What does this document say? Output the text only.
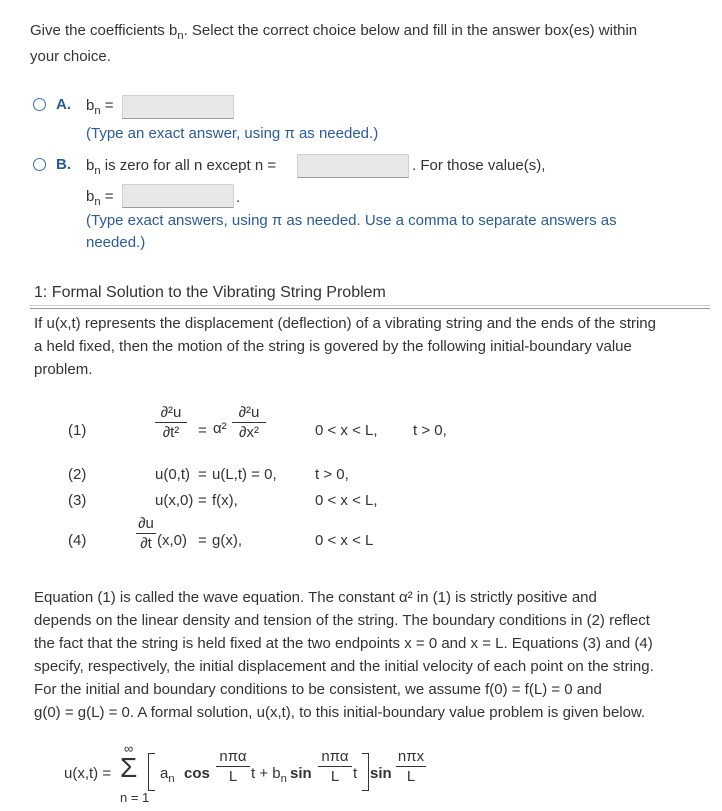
Give the coefficients $b_n$. Select the correct choice below and fill in the answer box(es) within
your choice.
A. $b_n$ =
(Type an exact answer, using π as needed.)
B. $b_n$ is zero for all n except n =	. For those value(s),
$b_n$ =	.
(Type exact answers, using π as needed. Use a comma to separate answers as
needed.)
1: Formal Solution to the Vibrating String Problem
If u(x,t) represents the displacement (deflection) of a vibrating string and the ends of the string
a held fixed, then the motion of the string is govered by the following initial-boundary value
problem.
(1)
∂²u
∂t²	= α²
∂²u
∂x²	0 < x < L, t > 0,
(2)	u(0,t) = u(L,t) = 0,	t > 0,
(3)	u(x,0) = f(x),	0 < x < L,
(4)
∂u
∂t (x,0) = g(x),	0 < x < L
Equation (1) is called the wave equation. The constant α² in (1) is strictly positive and
depends on the linear density and tension of the string. The boundary conditions in (2) reflect
the fact that the string is held fixed at the two endpoints x = 0 and x = L. Equations (3) and (4)
specify, respectively, the initial displacement and the initial velocity of each point on the string.
For the initial and boundary conditions to be consistent, we assume f(0) = f(L) = 0 and
g(0) = g(L) = 0. A formal solution, u(x,t), to this initial-boundary value problem is given below.
u(x,t) =
∞
Σ
n = 1
$a_n$ cos
nπα
L $t + b_n$ sin
nπα
L t sin
nπx
L
